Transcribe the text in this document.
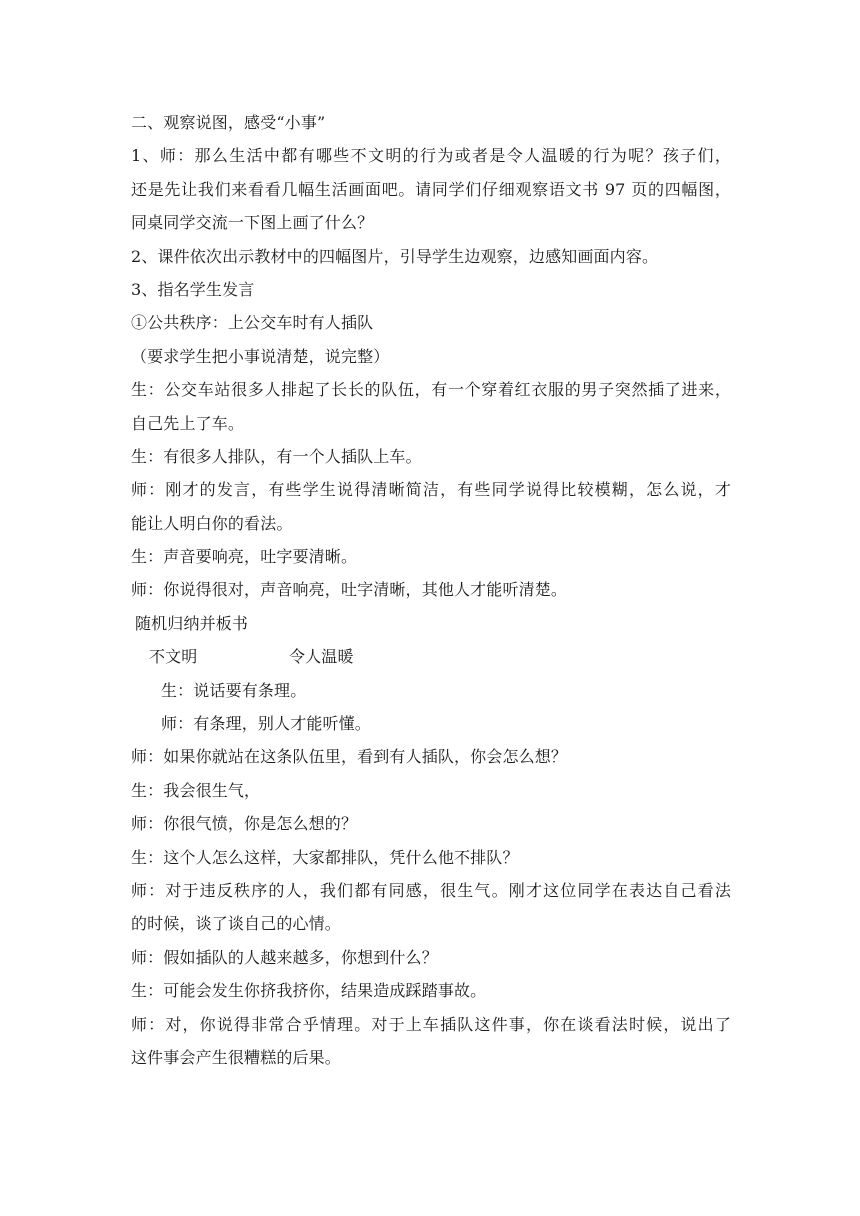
二、观察说图，感受“小事”
1、师：那么生活中都有哪些不文明的行为或者是令人温暖的行为呢？孩子们，
还是先让我们来看看几幅生活画面吧。请同学们仔细观察语文书 97 页的四幅图，
同桌同学交流一下图上画了什么？
2、课件依次出示教材中的四幅图片，引导学生边观察，边感知画面内容。
3、指名学生发言
①公共秩序：上公交车时有人插队
（要求学生把小事说清楚，说完整）
生：公交车站很多人排起了长长的队伍，有一个穿着红衣服的男子突然插了进来，
自己先上了车。
生：有很多人排队，有一个人插队上车。
师：刚才的发言，有些学生说得清晰简洁，有些同学说得比较模糊，怎么说，才
能让人明白你的看法。
生：声音要响亮，吐字要清晰。
师：你说得很对，声音响亮，吐字清晰，其他人才能听清楚。
随机归纳并板书
不文明	令人温暖
生：说话要有条理。
师：有条理，别人才能听懂。
师：如果你就站在这条队伍里，看到有人插队，你会怎么想？
生：我会很生气，
师：你很气愤，你是怎么想的？
生：这个人怎么这样，大家都排队，凭什么他不排队？
师：对于违反秩序的人，我们都有同感，很生气。刚才这位同学在表达自己看法
的时候，谈了谈自己的心情。
师：假如插队的人越来越多，你想到什么？
生：可能会发生你挤我挤你，结果造成踩踏事故。
师：对，你说得非常合乎情理。对于上车插队这件事，你在谈看法时候，说出了
这件事会产生很糟糕的后果。
